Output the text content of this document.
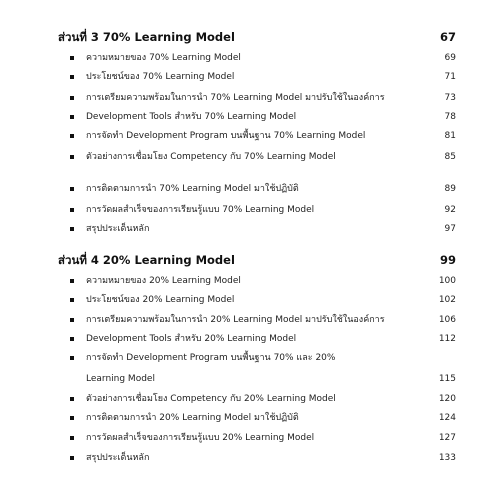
ส่วนที่ 3 70% Learning Model	67
ความหมายของ 70% Learning Model	69
ประโยชน์ของ 70% Learning Model	71
การเตรียมความพร้อมในการนำ 70% Learning Model มาปรับใช้ในองค์การ	73
Development Tools สำหรับ 70% Learning Model	78
การจัดทำ Development Program บนพื้นฐาน 70% Learning Model	81
ตัวอย่างการเชื่อมโยง Competency กับ 70% Learning Model	85
การติดตามการนำ 70% Learning Model มาใช้ปฏิบัติ	89
การวัดผลสำเร็จของการเรียนรู้แบบ 70% Learning Model	92
สรุปประเด็นหลัก	97
ส่วนที่ 4 20% Learning Model	99
ความหมายของ 20% Learning Model	100
ประโยชน์ของ 20% Learning Model	102
การเตรียมความพร้อมในการนำ 20% Learning Model มาปรับใช้ในองค์การ	106
Development Tools สำหรับ 20% Learning Model	112
การจัดทำ Development Program บนพื้นฐาน 70% และ 20%
Learning Model	115
ตัวอย่างการเชื่อมโยง Competency กับ 20% Learning Model	120
การติดตามการนำ 20% Learning Model มาใช้ปฏิบัติ	124
การวัดผลสำเร็จของการเรียนรู้แบบ 20% Learning Model	127
สรุปประเด็นหลัก	133
